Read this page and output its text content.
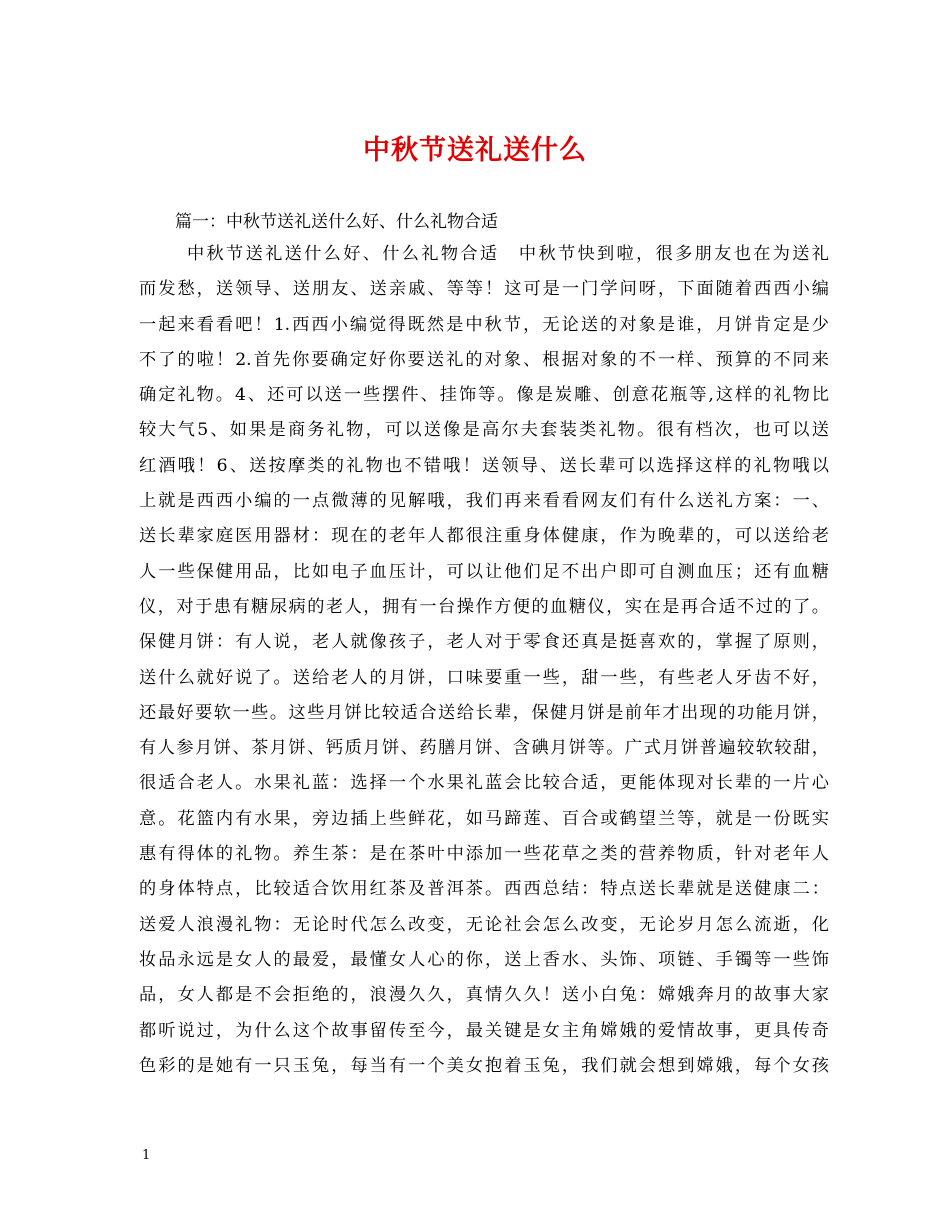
中秋节送礼送什么
篇一：中秋节送礼送什么好、什么礼物合适
中秋节送礼送什么好、什么礼物合适　中秋节快到啦，很多朋友也在为送礼
而发愁，送领导、送朋友、送亲戚、等等！这可是一门学问呀，下面随着西西小编
一起来看看吧！1.西西小编觉得既然是中秋节，无论送的对象是谁，月饼肯定是少
不了的啦！2.首先你要确定好你要送礼的对象、根据对象的不一样、预算的不同来
确定礼物。4、还可以送一些摆件、挂饰等。像是炭雕、创意花瓶等,这样的礼物比
较大气5、如果是商务礼物，可以送像是高尔夫套装类礼物。很有档次，也可以送
红酒哦！6、送按摩类的礼物也不错哦！送领导、送长辈可以选择这样的礼物哦以
上就是西西小编的一点微薄的见解哦，我们再来看看网友们有什么送礼方案：一、
送长辈家庭医用器材：现在的老年人都很注重身体健康，作为晚辈的，可以送给老
人一些保健用品，比如电子血压计，可以让他们足不出户即可自测血压；还有血糖
仪，对于患有糖尿病的老人，拥有一台操作方便的血糖仪，实在是再合适不过的了。
保健月饼：有人说，老人就像孩子，老人对于零食还真是挺喜欢的，掌握了原则，
送什么就好说了。送给老人的月饼，口味要重一些，甜一些，有些老人牙齿不好，
还最好要软一些。这些月饼比较适合送给长辈，保健月饼是前年才出现的功能月饼，
有人参月饼、茶月饼、钙质月饼、药膳月饼、含碘月饼等。广式月饼普遍较软较甜，
很适合老人。水果礼蓝：选择一个水果礼蓝会比较合适，更能体现对长辈的一片心
意。花篮内有水果，旁边插上些鲜花，如马蹄莲、百合或鹤望兰等，就是一份既实
惠有得体的礼物。养生茶：是在茶叶中添加一些花草之类的营养物质，针对老年人
的身体特点，比较适合饮用红茶及普洱茶。西西总结：特点送长辈就是送健康二：
送爱人浪漫礼物：无论时代怎么改变，无论社会怎么改变，无论岁月怎么流逝，化
妆品永远是女人的最爱，最懂女人心的你，送上香水、头饰、项链、手镯等一些饰
品，女人都是不会拒绝的，浪漫久久，真情久久！送小白兔：嫦娥奔月的故事大家
都听说过，为什么这个故事留传至今，最关键是女主角嫦娥的爱情故事，更具传奇
色彩的是她有一只玉兔，每当有一个美女抱着玉兔，我们就会想到嫦娥，每个女孩
1
